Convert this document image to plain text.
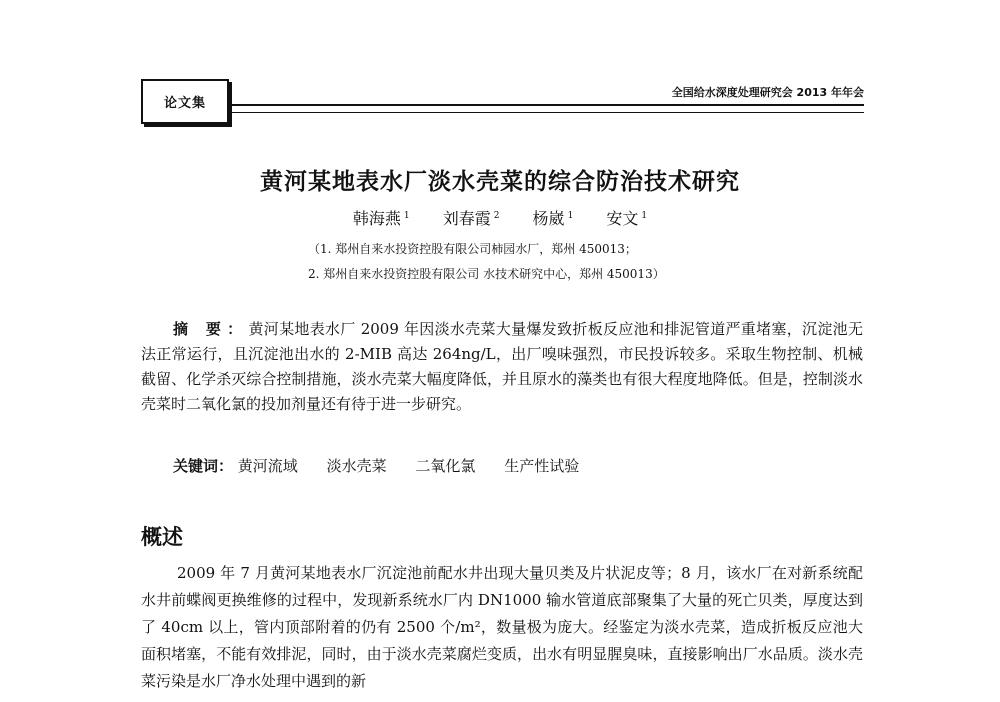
论文集
全国给水深度处理研究会 2013 年年会
黄河某地表水厂淡水壳菜的综合防治技术研究
韩海燕 $^1$ 刘春霞 $^2$ 杨崴 $^1$ 安文 $^1$
（1. 郑州自来水投资控股有限公司柿园水厂，郑州 450013；
2. 郑州自来水投资控股有限公司 水技术研究中心，郑州 450013）
摘 要：黄河某地表水厂 2009 年因淡水壳菜大量爆发致折板反应池和排泥管道严重堵塞，沉淀池无法正常运行，且沉淀池出水的 2-MIB 高达 264ng/L，出厂嗅味强烈，市民投诉较多。采取生物控制、机械截留、化学杀灭综合控制措施，淡水壳菜大幅度降低，并且原水的藻类也有很大程度地降低。但是，控制淡水壳菜时二氧化氯的投加剂量还有待于进一步研究。
关键词： 黄河流域 淡水壳菜 二氧化氯 生产性试验
概述
2009 年 7 月黄河某地表水厂沉淀池前配水井出现大量贝类及片状泥皮等；8 月，该水厂在对新系统配水井前蝶阀更换维修的过程中，发现新系统水厂内 DN1000 输水管道底部聚集了大量的死亡贝类，厚度达到了 40cm 以上，管内顶部附着的仍有 2500 个/m²，数量极为庞大。经鉴定为淡水壳菜，造成折板反应池大面积堵塞，不能有效排泥，同时，由于淡水壳菜腐烂变质，出水有明显腥臭味，直接影响出厂水品质。淡水壳菜污染是水厂净水处理中遇到的新
